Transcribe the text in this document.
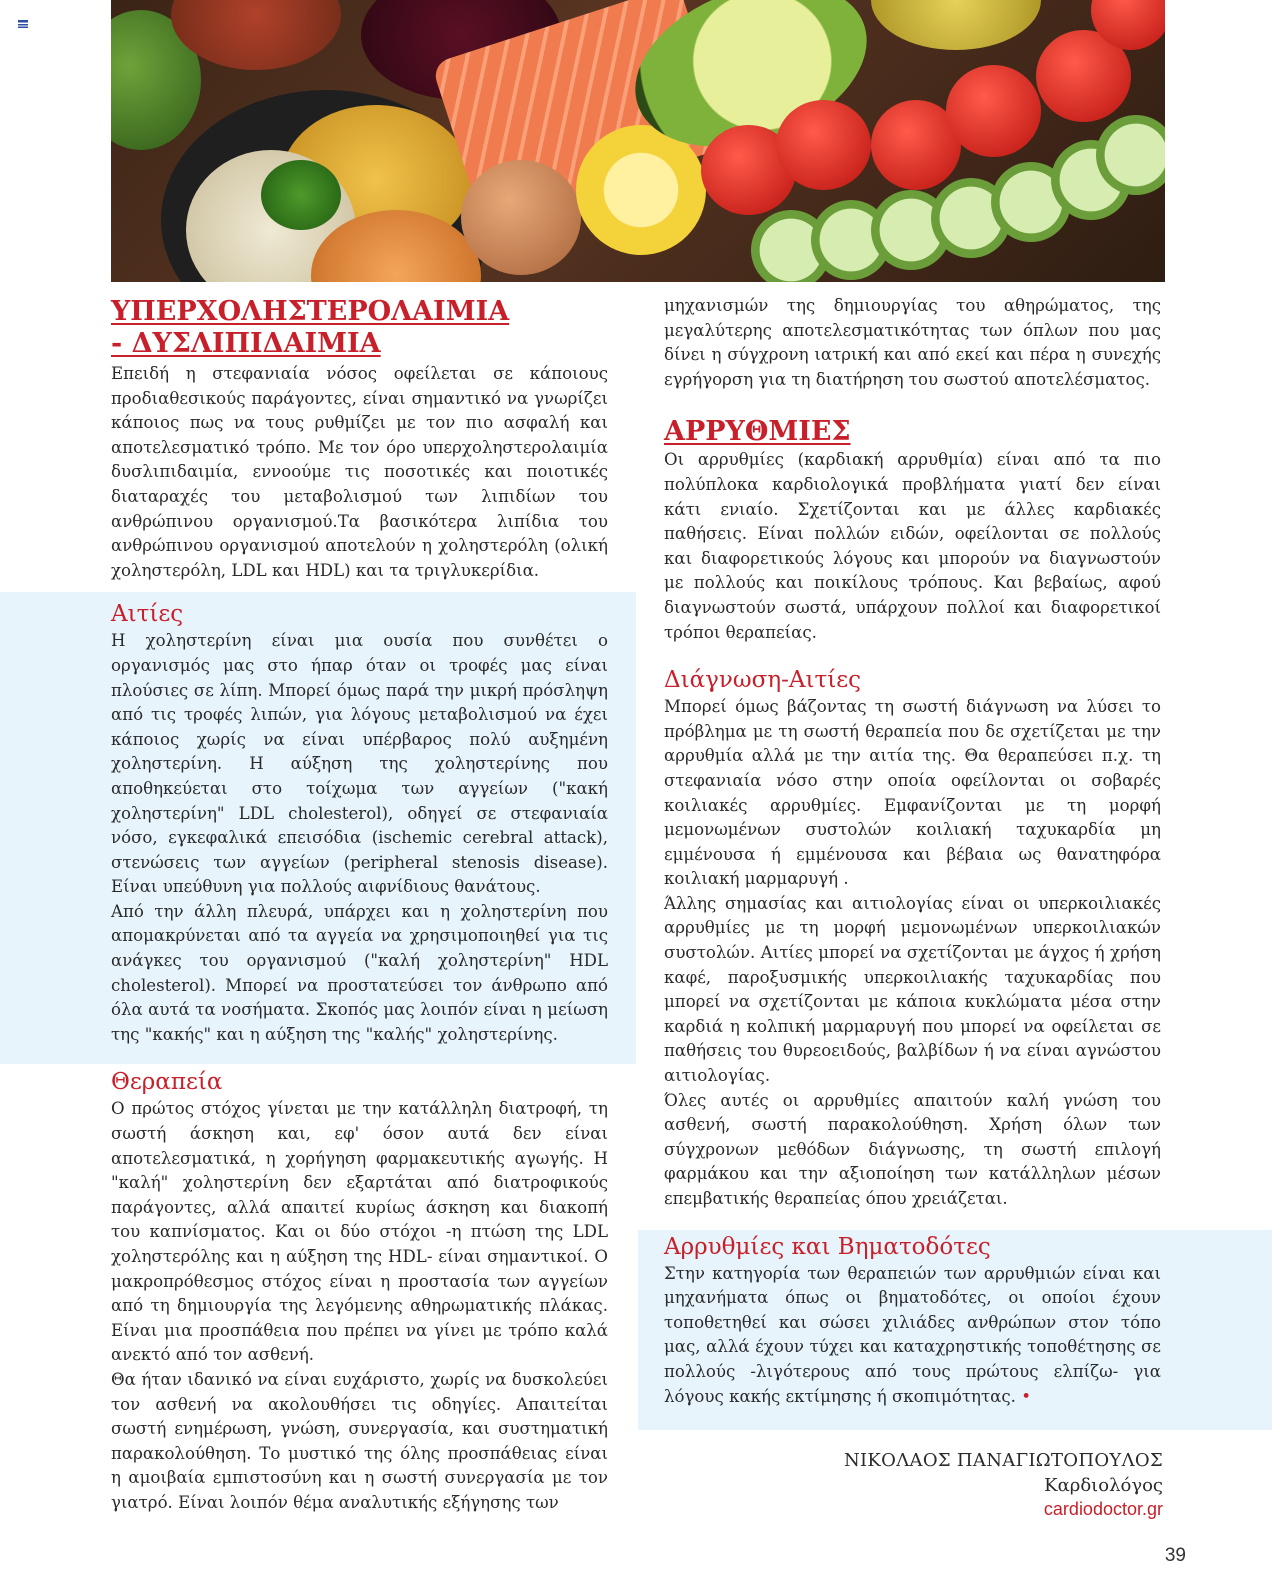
ΥΠΕΡΧΟΛΗΣΤΕΡΟΛΑΙΜΙΑ
- ΔΥΣΛΙΠΙΔΑΙΜΙΑ

Επειδή η στεφανιαία νόσος οφείλεται σε κάποιους προδιαθεσικούς παράγοντες, είναι σημαντικό να γνωρίζει κάποιος πως να τους ρυθμίζει με τον πιο ασφαλή και αποτελεσματικό τρόπο. Με τον όρο υπερχοληστερολαιμία δυσλιπιδαιμία, εννοούμε τις ποσοτικές και ποιοτικές διαταραχές του μεταβολισμού των λιπιδίων του ανθρώπινου οργανισμού.Τα βασικότερα λιπίδια του ανθρώπινου οργανισμού αποτελούν η χοληστερόλη (ολική χοληστερόλη, LDL και HDL) και τα τριγλυκερίδια.

Αιτίες

Η χοληστερίνη είναι μια ουσία που συνθέτει ο οργανισμός μας στο ήπαρ όταν οι τροφές μας είναι πλούσιες σε λίπη. Μπορεί όμως παρά την μικρή πρόσληψη από τις τροφές λιπών, για λόγους μεταβολισμού να έχει κάποιος χωρίς να είναι υπέρβαρος πολύ αυξημένη χοληστερίνη. Η αύξηση της χοληστερίνης που αποθηκεύεται στο τοίχωμα των αγγείων ("κακή χοληστερίνη" LDL cholesterol), οδηγεί σε στεφανιαία νόσο, εγκεφαλικά επεισόδια (ischemic cerebral attack), στενώσεις των αγγείων (peripheral stenosis disease). Είναι υπεύθυνη για πολλούς αιφνίδιους θανάτους.

Από την άλλη πλευρά, υπάρχει και η χοληστερίνη που απομακρύνεται από τα αγγεία να χρησιμοποιηθεί για τις ανάγκες του οργανισμού ("καλή χοληστερίνη" HDL cholesterol). Μπορεί να προστατεύσει τον άνθρωπο από όλα αυτά τα νοσήματα. Σκοπός μας λοιπόν είναι η μείωση της "κακής" και η αύξηση της "καλής" χοληστερίνης.

Θεραπεία

Ο πρώτος στόχος γίνεται με την κατάλληλη διατροφή, τη σωστή άσκηση και, εφ' όσον αυτά δεν είναι αποτελεσματικά, η χορήγηση φαρμακευτικής αγωγής. Η "καλή" χοληστερίνη δεν εξαρτάται από διατροφικούς παράγοντες, αλλά απαιτεί κυρίως άσκηση και διακοπή του καπνίσματος. Και οι δύο στόχοι -η πτώση της LDL χοληστερόλης και η αύξηση της HDL- είναι σημαντικοί. Ο μακροπρόθεσμος στόχος είναι η προστασία των αγγείων από τη δημιουργία της λεγόμενης αθηρωματικής πλάκας. Είναι μια προσπάθεια που πρέπει να γίνει με τρόπο καλά ανεκτό από τον ασθενή.

Θα ήταν ιδανικό να είναι ευχάριστο, χωρίς να δυσκολεύει τον ασθενή να ακολουθήσει τις οδηγίες. Απαιτείται σωστή ενημέρωση, γνώση, συνεργασία, και συστηματική παρακολούθηση. Το μυστικό της όλης προσπάθειας είναι η αμοιβαία εμπιστοσύνη και η σωστή συνεργασία με τον γιατρό. Είναι λοιπόν θέμα αναλυτικής εξήγησης των

μηχανισμών της δημιουργίας του αθηρώματος, της μεγαλύτερης αποτελεσματικότητας των όπλων που μας δίνει η σύγχρονη ιατρική και από εκεί και πέρα η συνεχής εγρήγορση για τη διατήρηση του σωστού αποτελέσματος.

ΑΡΡΥΘΜΙΕΣ

Οι αρρυθμίες (καρδιακή αρρυθμία) είναι από τα πιο πολύπλοκα καρδιολογικά προβλήματα γιατί δεν είναι κάτι ενιαίο. Σχετίζονται και με άλλες καρδιακές παθήσεις. Είναι πολλών ειδών, οφείλονται σε πολλούς και διαφορετικούς λόγους και μπορούν να διαγνωστούν με πολλούς και ποικίλους τρόπους. Και βεβαίως, αφού διαγνωστούν σωστά, υπάρχουν πολλοί και διαφορετικοί τρόποι θεραπείας.

Διάγνωση-Αιτίες

Μπορεί όμως βάζοντας τη σωστή διάγνωση να λύσει το πρόβλημα με τη σωστή θεραπεία που δε σχετίζεται με την αρρυθμία αλλά με την αιτία της. Θα θεραπεύσει π.χ. τη στεφανιαία νόσο στην οποία οφείλονται οι σοβαρές κοιλιακές αρρυθμίες. Εμφανίζονται με τη μορφή μεμονωμένων συστολών κοιλιακή ταχυκαρδία μη εμμένουσα ή εμμένουσα και βέβαια ως θανατηφόρα κοιλιακή μαρμαρυγή .

Άλλης σημασίας και αιτιολογίας είναι οι υπερκοιλιακές αρρυθμίες με τη μορφή μεμονωμένων υπερκοιλιακών συστολών. Αιτίες μπορεί να σχετίζονται με άγχος ή χρήση καφέ, παροξυσμικής υπερκοιλιακής ταχυκαρδίας που μπορεί να σχετίζονται με κάποια κυκλώματα μέσα στην καρδιά η κολπική μαρμαρυγή που μπορεί να οφείλεται σε παθήσεις του θυρεοειδούς, βαλβίδων ή να είναι αγνώστου αιτιολογίας.

Όλες αυτές οι αρρυθμίες απαιτούν καλή γνώση του ασθενή, σωστή παρακολούθηση. Χρήση όλων των σύγχρονων μεθόδων διάγνωσης, τη σωστή επιλογή φαρμάκου και την αξιοποίηση των κατάλληλων μέσων επεμβατικής θεραπείας όπου χρειάζεται.

Αρρυθμίες και Βηματοδότες

Στην κατηγορία των θεραπειών των αρρυθμιών είναι και μηχανήματα όπως οι βηματοδότες, οι οποίοι έχουν τοποθετηθεί και σώσει χιλιάδες ανθρώπων στον τόπο μας, αλλά έχουν τύχει και καταχρηστικής τοποθέτησης σε πολλούς -λιγότερους από τους πρώτους ελπίζω- για λόγους κακής εκτίμησης ή σκοπιμότητας. •

ΝΙΚΟΛΑΟΣ ΠΑΝΑΓΙΩΤΟΠΟΥΛΟΣ
Καρδιολόγος
cardiodoctor.gr
39
